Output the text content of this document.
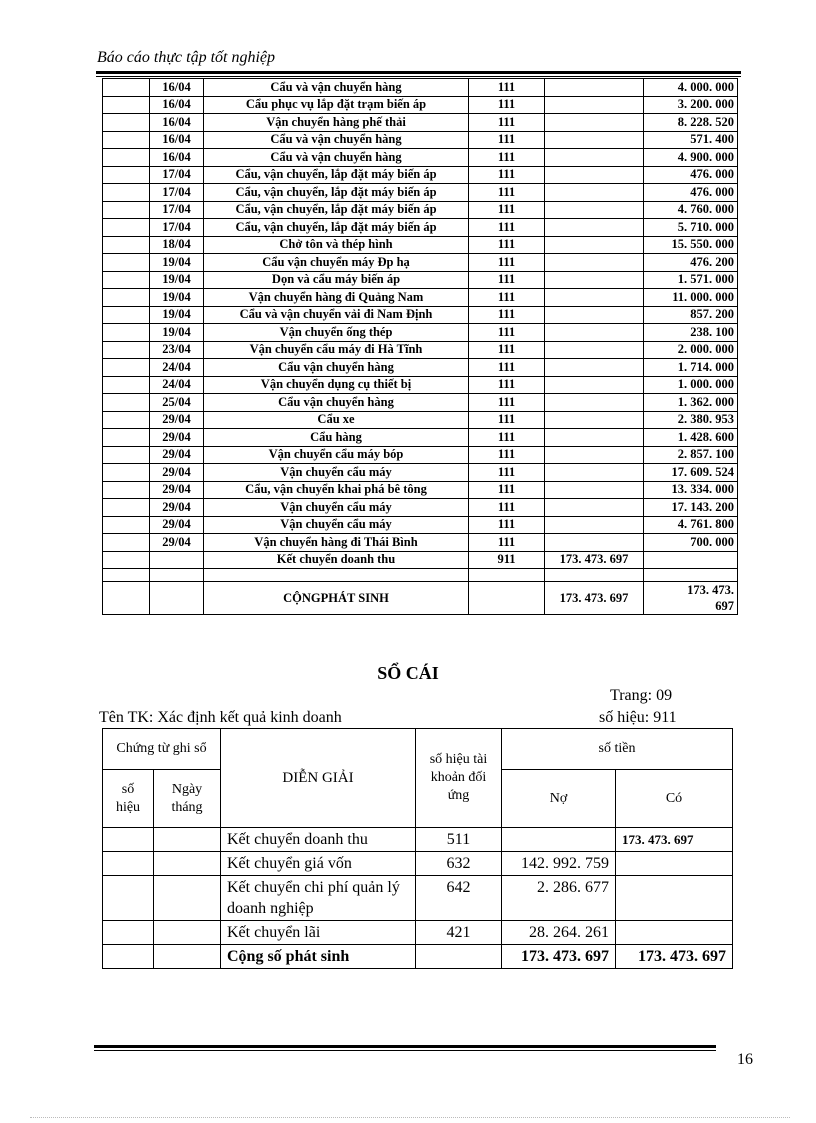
Báo cáo thực tập tốt nghiệp
	16/04	Cẩu và vận chuyển hàng	111		4. 000. 000
	16/04	Cẩu phục vụ lắp đặt trạm biến áp	111		3. 200. 000
	16/04	Vận chuyển hàng phế thải	111		8. 228. 520
	16/04	Cẩu và vận chuyển hàng	111		571. 400
	16/04	Cẩu và vận chuyển hàng	111		4. 900. 000
	17/04	Cẩu, vận chuyển, lắp đặt máy biến áp	111		476. 000
	17/04	Cẩu, vận chuyển, lắp đặt máy biến áp	111		476. 000
	17/04	Cẩu, vận chuyển, lắp đặt máy biến áp	111		4. 760. 000
	17/04	Cẩu, vận chuyển, lắp đặt máy biến áp	111		5. 710. 000
	18/04	Chở tôn và thép hình	111		15. 550. 000
	19/04	Cẩu vận chuyển máy Đp hạ	111		476. 200
	19/04	Dọn và cẩu máy biến áp	111		1. 571. 000
	19/04	Vận chuyển hàng đi Quảng Nam	111		11. 000. 000
	19/04	Cẩu và vận chuyển vải đi Nam Định	111		857. 200
	19/04	Vận chuyển ống thép	111		238. 100
	23/04	Vận chuyển cẩu máy đi Hà Tĩnh	111		2. 000. 000
	24/04	Cẩu vận chuyển hàng	111		1. 714. 000
	24/04	Vận chuyển dụng cụ thiết bị	111		1. 000. 000
	25/04	Cẩu vận chuyển hàng	111		1. 362. 000
	29/04	Cẩu xe	111		2. 380. 953
	29/04	Cẩu hàng	111		1. 428. 600
	29/04	Vận chuyển cẩu máy bóp	111		2. 857. 100
	29/04	Vận chuyển cẩu máy	111		17. 609. 524
	29/04	Cẩu, vận chuyển khai phá bê tông	111		13. 334. 000
	29/04	Vận chuyển cẩu máy	111		17. 143. 200
	29/04	Vận chuyển cẩu máy	111		4. 761. 800
	29/04	Vận chuyển hàng đi Thái Bình	111		700. 000
		Kết chuyển doanh thu	911	173. 473. 697	

		CỘNGPHÁT SINH		173. 473. 697	173. 473.
697
SỔ CÁI
Trang: 09
Tên TK: Xác định kết quả kinh doanh	số hiệu: 911
Chứng từ ghi sổ		DIỄN GIẢI	số hiệu tài khoản đối ứng	số tiền	
số hiệu	Ngày tháng			Nợ	Có
		Kết chuyển doanh thu	511		173. 473. 697
		Kết chuyển giá vốn	632	142. 992. 759	
		Kết chuyển chi phí quản lý doanh nghiệp	642	2. 286. 677	
		Kết chuyển lãi	421	28. 264. 261	
		Cộng số phát sinh		173. 473. 697	173. 473. 697
16
